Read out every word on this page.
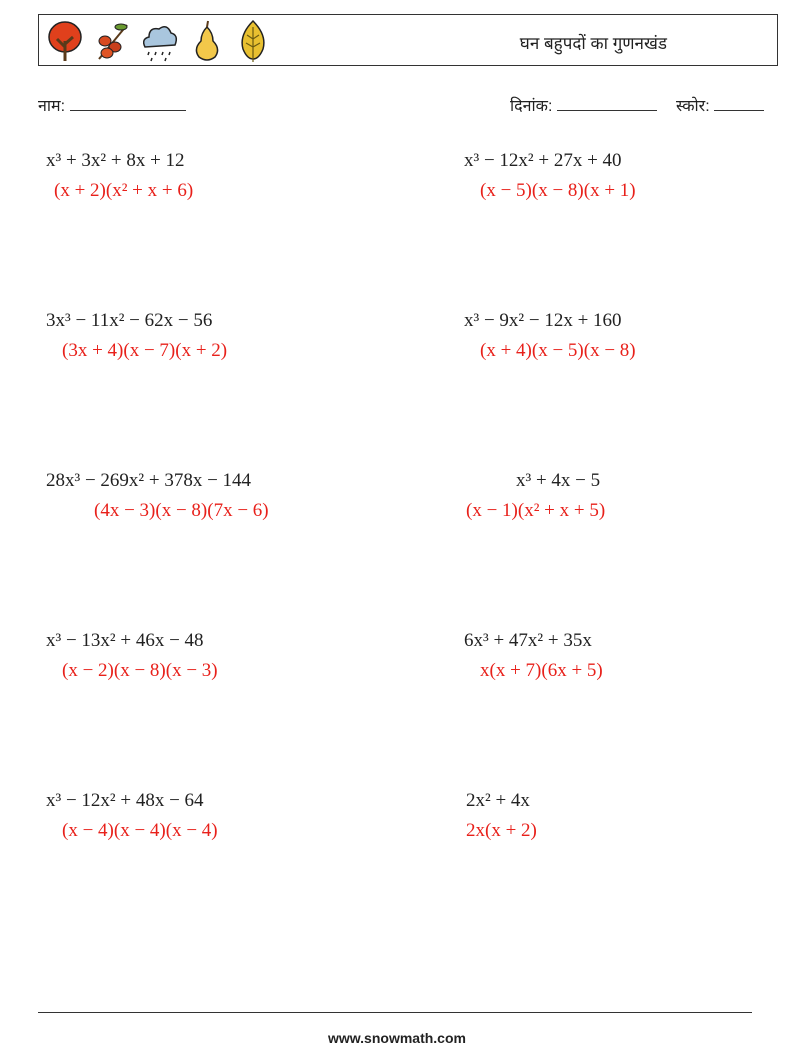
घन बहुपदों का गुणनखंड
नाम:	दिनांक:	स्कोर:
x³ + 3x² + 8x + 12
(x + 2)(x² + x + 6)
x³ − 12x² + 27x + 40
(x − 5)(x − 8)(x + 1)
3x³ − 11x² − 62x − 56
(3x + 4)(x − 7)(x + 2)
x³ − 9x² − 12x + 160
(x + 4)(x − 5)(x − 8)
28x³ − 269x² + 378x − 144
(4x − 3)(x − 8)(7x − 6)
x³ + 4x − 5
(x − 1)(x² + x + 5)
x³ − 13x² + 46x − 48
(x − 2)(x − 8)(x − 3)
6x³ + 47x² + 35x
x(x + 7)(6x + 5)
x³ − 12x² + 48x − 64
(x − 4)(x − 4)(x − 4)
2x² + 4x
2x(x + 2)
www.snowmath.com
